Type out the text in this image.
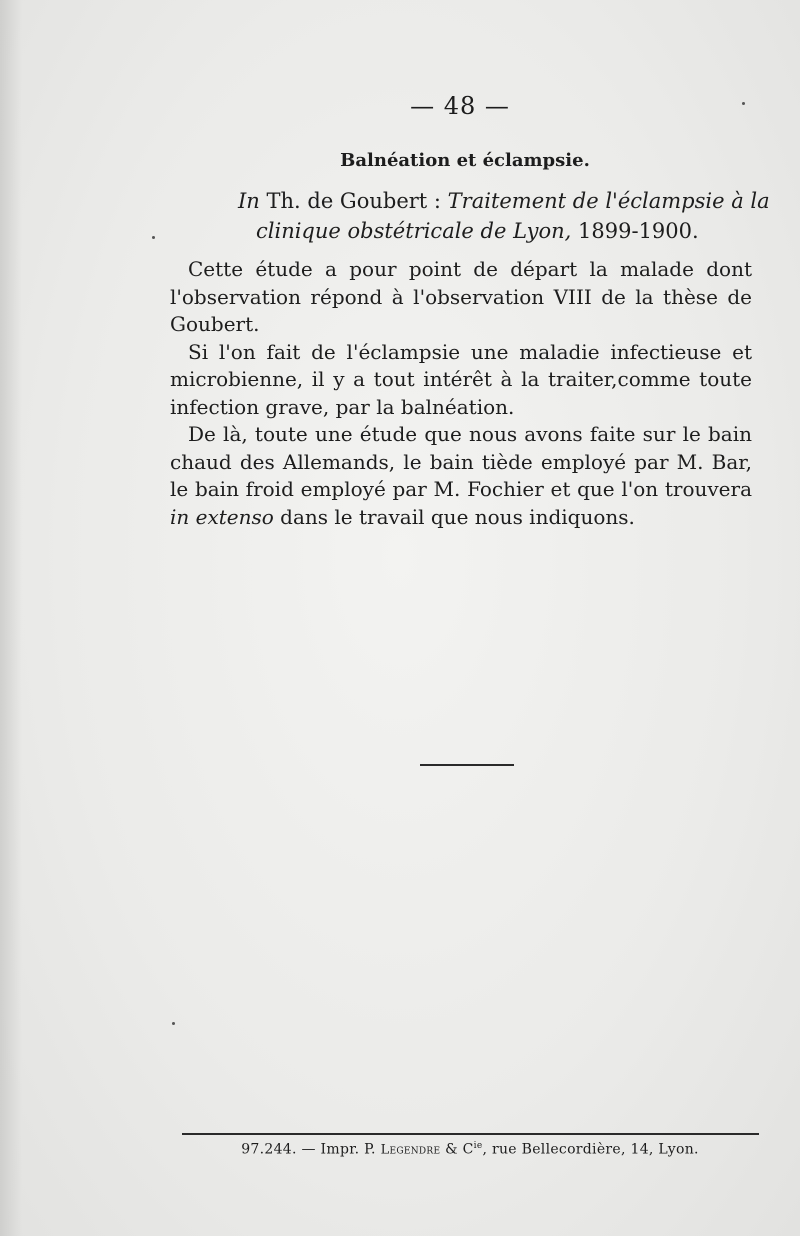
— 48 —
Balnéation et éclampsie.
In Th. de Goubert : Traitement de l'éclampsie à la
clinique obstétricale de Lyon, 1899-1900.

Cette étude a pour point de départ la malade dont l'observation répond à l'observation VIII de la thèse de Goubert.

Si l'on fait de l'éclampsie une maladie infectieuse et microbienne, il y a tout intérêt à la traiter,comme toute infection grave, par la balnéation.

De là, toute une étude que nous avons faite sur le bain chaud des Allemands, le bain tiède employé par M. Bar, le bain froid employé par M. Fochier et que l'on trouvera in extenso dans le travail que nous indiquons.

97.244. — Impr. P. Legendre & $C^{ie}$, rue Bellecordière, 14, Lyon.
